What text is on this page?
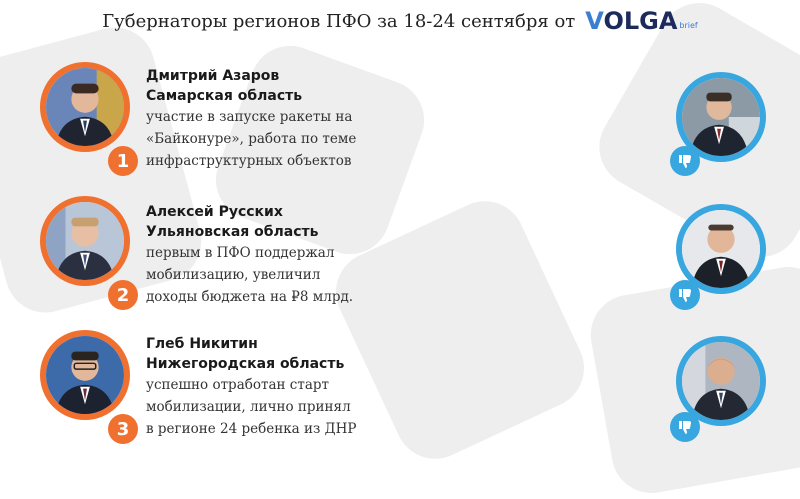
Губернаторы регионов ПФО за 18-24 сентября от VOLGA brief
1
Дмитрий Азаров
Самарская область
участие в запуске ракеты на
«Байконуре», работа по теме
инфраструктурных объектов
2
Алексей Русских
Ульяновская область
первым в ПФО поддержал
мобилизацию, увеличил
доходы бюджета на ₽8 млрд.
3
Глеб Никитин
Нижегородская область
успешно отработан старт
мобилизации, лично принял
в регионе 24 ребенка из ДНР
